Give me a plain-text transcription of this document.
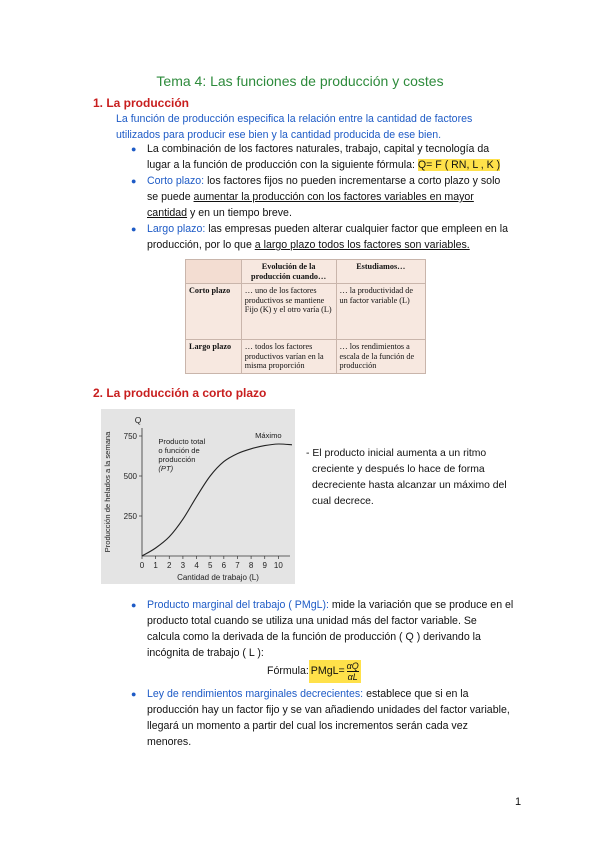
Tema 4: Las funciones de producción y costes
1. La producción
La función de producción especifica la relación entre la cantidad de factores
utilizados para producir ese bien y la cantidad producida de ese bien.
● La combinación de los factores naturales, trabajo, capital y tecnología da
lugar a la función de producción con la siguiente fórmula: Q= F ( RN, L , K )
● Corto plazo: los factores fijos no pueden incrementarse a corto plazo y solo
se puede aumentar la producción con los factores variables en mayor
cantidad y en un tiempo breve.
● Largo plazo: las empresas pueden alterar cualquier factor que empleen en la
producción, por lo que a largo plazo todos los factores son variables.
	Evolución de la producción cuando…	Estudiamos…
Corto plazo	… uno de los factores productivos se mantiene Fijo (K) y el otro varía (L)	… la productividad de un factor variable (L)
Largo plazo	… todos los factores productivos varían en la misma proporción	… los rendimientos a escala de la función de producción
2. La producción a corto plazo
0 1 2 3 4 5 6 7 8 9 10
250
500
750
Q
Cantidad de trabajo (L)
Producción de helados a la semana	Máximo
Producto total
o función de
producción
(PT)
- El producto inicial aumenta a un ritmo
creciente y después lo hace de forma
decreciente hasta alcanzar un máximo del
cual decrece.
● Producto marginal del trabajo ( PMgL): mide la variación que se produce en el
producto total cuando se utiliza una unidad más del factor variable. Se
calcula como la derivada de la función de producción ( Q ) derivando la
incógnita de trabajo ( L ):
Fórmula: PMgL= $\frac{\alpha Q}{\alpha L}$
● Ley de rendimientos marginales decrecientes: establece que si en la
producción hay un factor fijo y se van añadiendo unidades del factor variable,
llegará un momento a partir del cual los incrementos serán cada vez
menores.
1
